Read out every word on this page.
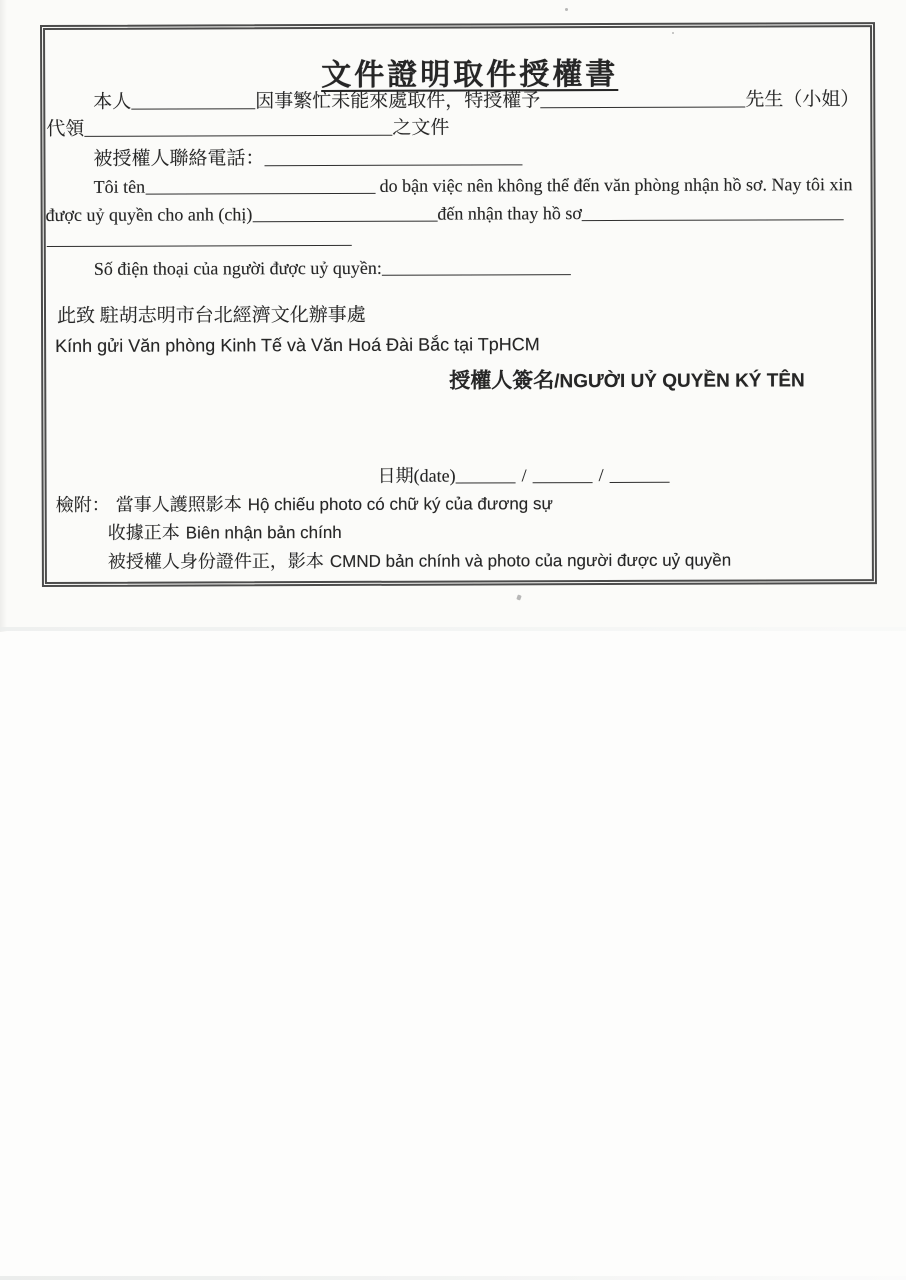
文件證明取件授權書
本人	因事繁忙未能來處取件，特授權予	先生（小姐）
代領	之文件
被授權人聯絡電話：
Tôi tên	do bận việc nên không thể đến văn phòng nhận hồ sơ. Nay tôi xin
được uỷ quyền cho anh (chị)	đến nhận thay hồ sơ
Số điện thoại của người được uỷ quyền:
此致 駐胡志明市台北經濟文化辦事處
Kính gửi Văn phòng Kinh Tế và Văn Hoá Đài Bắc tại TpHCM
授權人簽名/NGƯỜI UỶ QUYỀN KÝ TÊN
日期(date)	/	/
檢附： 當事人護照影本 Hộ chiếu photo có chữ ký của đương sự
收據正本 Biên nhận bản chính
被授權人身份證件正，影本 CMND bản chính và photo của người được uỷ quyền
